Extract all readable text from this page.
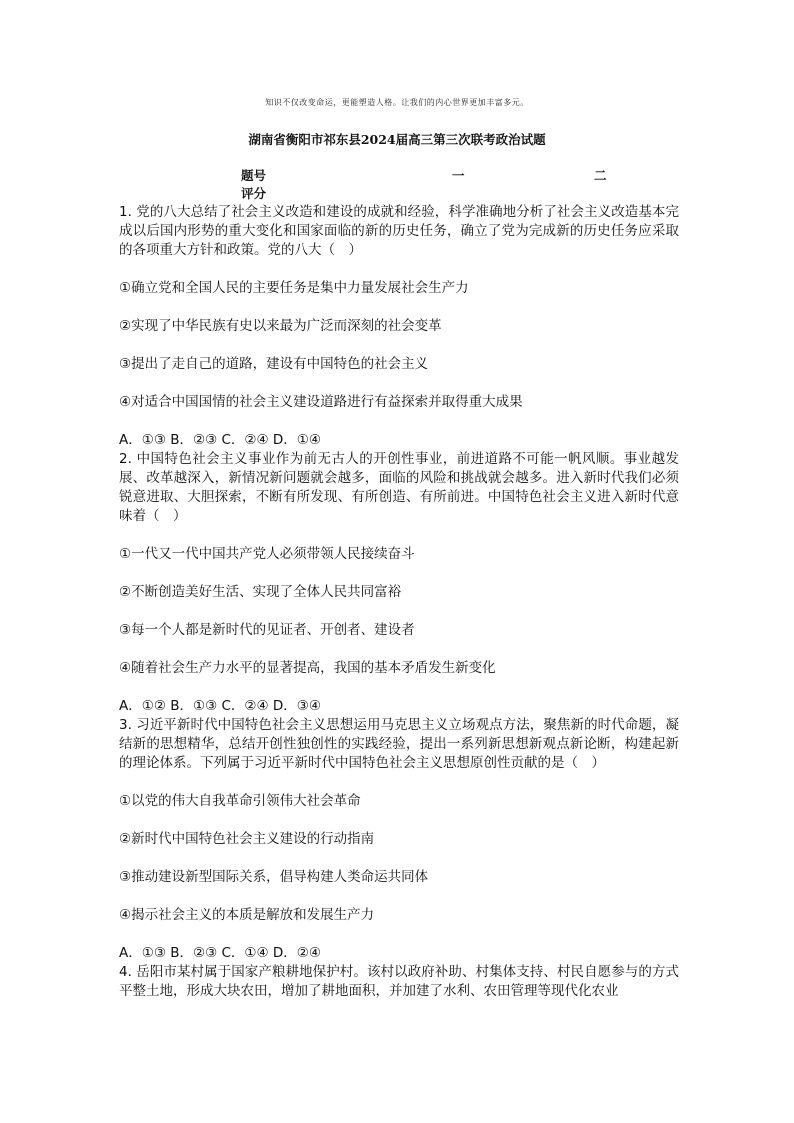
知识不仅改变命运，更能塑造人格。让我们的内心世界更加丰富多元。
湖南省衡阳市祁东县2024届高三第三次联考政治试题
题号	一	二
评分
1. 党的八大总结了社会主义改造和建设的成就和经验，科学准确地分析了社会主义改造基本完成以后国内形势的重大变化和国家面临的新的历史任务，确立了党为完成新的历史任务应采取的各项重大方针和政策。党的八大（　）
①确立党和全国人民的主要任务是集中力量发展社会生产力
②实现了中华民族有史以来最为广泛而深刻的社会变革
③提出了走自己的道路，建设有中国特色的社会主义
④对适合中国国情的社会主义建设道路进行有益探索并取得重大成果
A．①③ B．②③ C．②④ D．①④
2. 中国特色社会主义事业作为前无古人的开创性事业，前进道路不可能一帆风顺。事业越发展、改革越深入，新情况新问题就会越多，面临的风险和挑战就会越多。进入新时代我们必须锐意进取、大胆探索，不断有所发现、有所创造、有所前进。中国特色社会主义进入新时代意味着（　）
①一代又一代中国共产党人必须带领人民接续奋斗
②不断创造美好生活、实现了全体人民共同富裕
③每一个人都是新时代的见证者、开创者、建设者
④随着社会生产力水平的显著提高，我国的基本矛盾发生新变化
A．①② B．①③ C．②④ D．③④
3. 习近平新时代中国特色社会主义思想运用马克思主义立场观点方法，聚焦新的时代命题，凝结新的思想精华，总结开创性独创性的实践经验，提出一系列新思想新观点新论断，构建起新的理论体系。下列属于习近平新时代中国特色社会主义思想原创性贡献的是（　）
①以党的伟大自我革命引领伟大社会革命
②新时代中国特色社会主义建设的行动指南
③推动建设新型国际关系，倡导构建人类命运共同体
④揭示社会主义的本质是解放和发展生产力
A．①③ B．②③ C．①④ D．②④
4. 岳阳市某村属于国家产粮耕地保护村。该村以政府补助、村集体支持、村民自愿参与的方式平整土地，形成大块农田，增加了耕地面积，并加建了水利、农田管理等现代化农业
